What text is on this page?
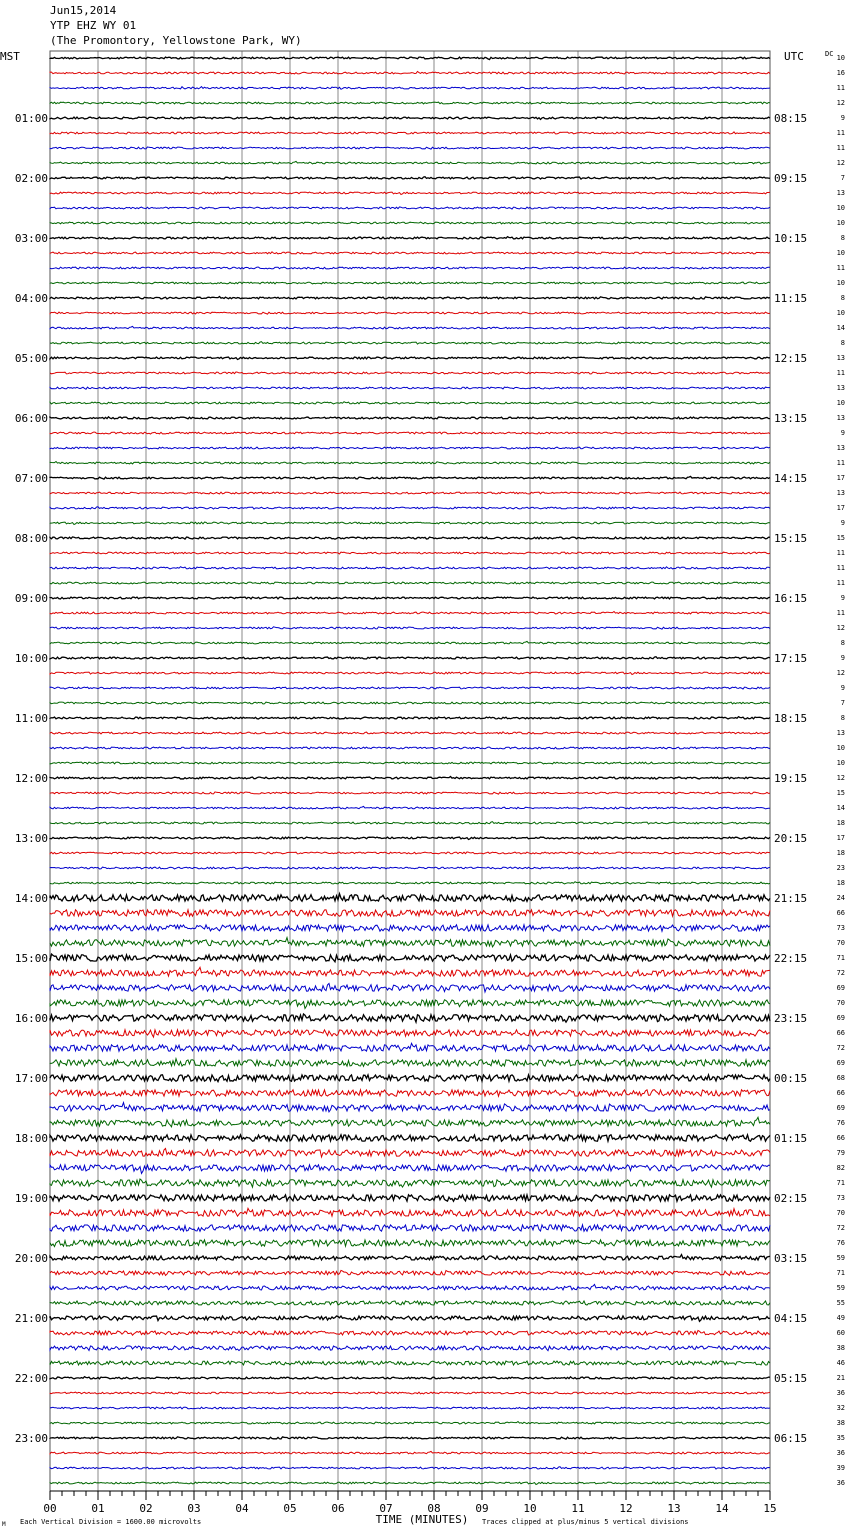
Jun15,2014
YTP EHZ WY 01
(The Promontory, Yellowstone Park, WY)
10
16
11
12
9
11
11
12
7
13
10
10
8
10
11
10
8
10
14
8
13
11
13
10
13
9
13
11
17
13
17
9
15
11
11
11
9
11
12
8
9
12
9
7
8
13
10
10
12
15
14
18
17
18
23
18
24
66
73
70
71
72
69
70
69
66
72
69
68
66
69
76
66
79
82
71
73
70
72
76
59
71
59
55
49
60
38
46
21
36
32
38
35
36
39
36
MST	UTC	DC
01:00
02:00
03:00
04:00
05:00
06:00
07:00
08:00
09:00
10:00
11:00
12:00
13:00
14:00
15:00
16:00
17:00
18:00
19:00
20:00
21:00
22:00
23:00
08:15
09:15
10:15
11:15
12:15
13:15
14:15
15:15
16:15
17:15
18:15
19:15
20:15
21:15
22:15
23:15
00:15
01:15
02:15
03:15
04:15
05:15
06:15
00	01	02	03	04	05	06	07	08	09	10	11	12	13	14	15
TIME (MINUTES)
Each Vertical Division = 1600.00 microvolts	Traces clipped at plus/minus 5 vertical divisions
M
